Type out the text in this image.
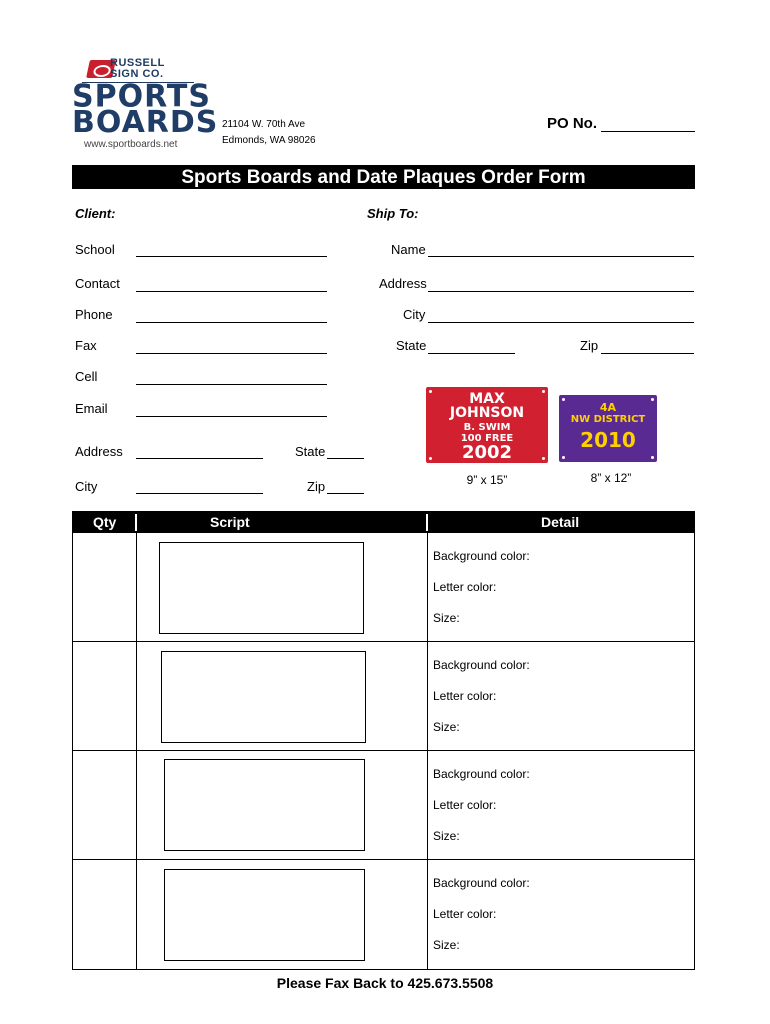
RUSSELL SIGN CO.
SPORTS
BOARDS
www.sportboards.net
21104 W. 70th Ave
Edmonds, WA 98026
PO No.
Sports Boards and Date Plaques Order Form
Client:
School
Contact
Phone
Fax
Cell
Email
Address	State
City	Zip
Ship To:
Name
Address
City
State	Zip
MAX
JOHNSON
B. SWIM
100 FREE
2002
9” x 15”
4A
NW DISTRICT
2010
8” x 12”
Qty	Script	Detail
Background color:
Letter color:
Size:
Background color:
Letter color:
Size:
Background color:
Letter color:
Size:
Background color:
Letter color:
Size:
Please Fax Back to 425.673.5508
